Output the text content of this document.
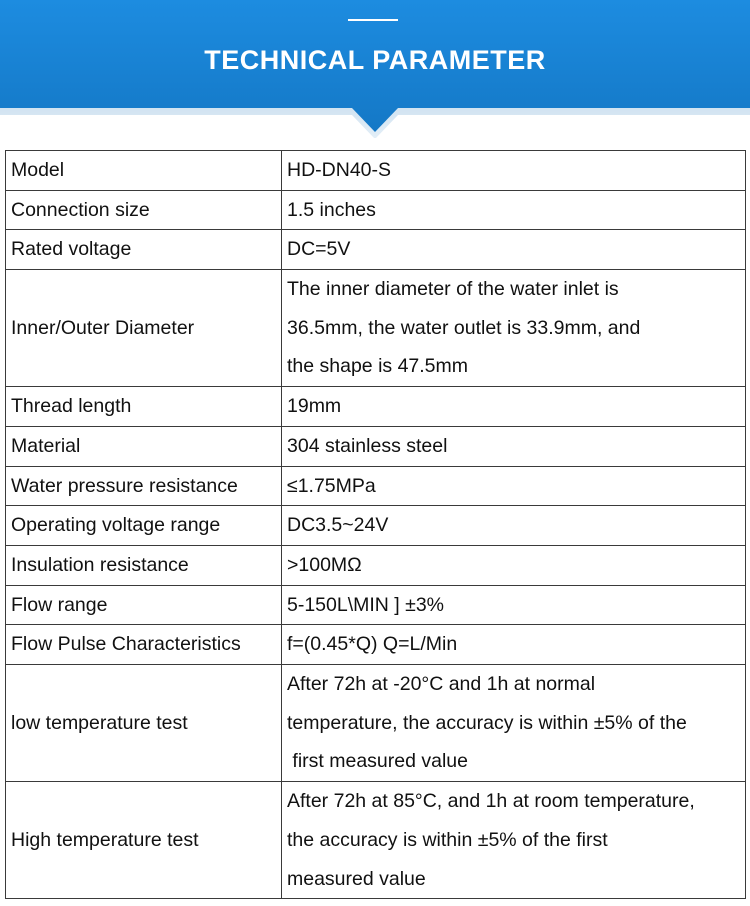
TECHNICAL PARAMETER
Model	HD-DN40-S

Connection size	1.5 inches

Rated voltage	DC=5V

Inner/Outer Diameter	The inner diameter of the water inlet is
36.5mm, the water outlet is 33.9mm, and
the shape is 47.5mm

Thread length	19mm

Material	304 stainless steel

Water pressure resistance	≤1.75MPa

Operating voltage range	DC3.5~24V

Insulation resistance	>100MΩ

Flow range	5-150L\MIN ] ±3%

Flow Pulse Characteristics	f=(0.45*Q) Q=L/Min

low temperature test	After 72h at -20°C and 1h at normal
temperature, the accuracy is within ±5% of the
first measured value

High temperature test	After 72h at 85°C, and 1h at room temperature,
the accuracy is within ±5% of the first
measured value
